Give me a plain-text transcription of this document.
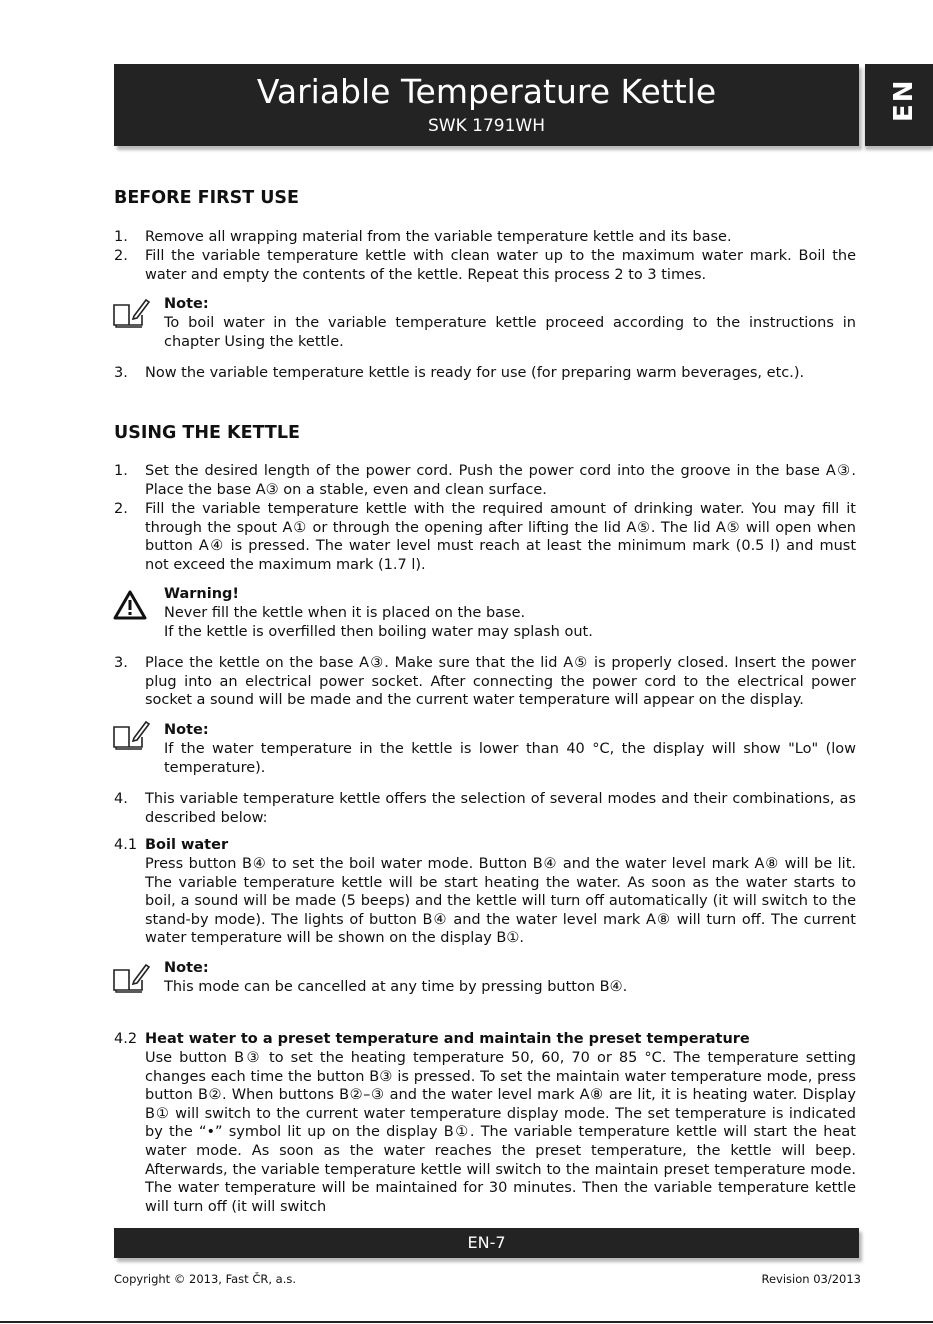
Variable Temperature Kettle
SWK 1791WH
EN
BEFORE FIRST USE
1. Remove all wrapping material from the variable temperature kettle and its base.
2. Fill the variable temperature kettle with clean water up to the maximum water mark. Boil the water and empty the contents of the kettle. Repeat this process 2 to 3 times.
Note:
To boil water in the variable temperature kettle proceed according to the instructions in chapter Using the kettle.
3. Now the variable temperature kettle is ready for use (for preparing warm beverages, etc.).
USING THE KETTLE
1. Set the desired length of the power cord. Push the power cord into the groove in the base A③. Place the base A③ on a stable, even and clean surface.
2. Fill the variable temperature kettle with the required amount of drinking water. You may fill it through the spout A① or through the opening after lifting the lid A⑤. The lid A⑤ will open when button A④ is pressed. The water level must reach at least the minimum mark (0.5 l) and must not exceed the maximum mark (1.7 l).
Warning!
Never fill the kettle when it is placed on the base.
If the kettle is overfilled then boiling water may splash out.
3. Place the kettle on the base A③. Make sure that the lid A⑤ is properly closed. Insert the power plug into an electrical power socket. After connecting the power cord to the electrical power socket a sound will be made and the current water temperature will appear on the display.
Note:
If the water temperature in the kettle is lower than 40 °C, the display will show "Lo" (low temperature).
4. This variable temperature kettle offers the selection of several modes and their combinations, as described below:
4.1 Boil water
Press button B④ to set the boil water mode. Button B④ and the water level mark A⑧ will be lit. The variable temperature kettle will be start heating the water. As soon as the water starts to boil, a sound will be made (5 beeps) and the kettle will turn off automatically (it will switch to the stand-by mode). The lights of button B④ and the water level mark A⑧ will turn off. The current water temperature will be shown on the display B①.
Note:
This mode can be cancelled at any time by pressing button B④.
4.2 Heat water to a preset temperature and maintain the preset temperature
Use button B③ to set the heating temperature 50, 60, 70 or 85 °C. The temperature setting changes each time the button B③ is pressed. To set the maintain water temperature mode, press button B②. When buttons B②–③ and the water level mark A⑧ are lit, it is heating water. Display B① will switch to the current water temperature display mode. The set temperature is indicated by the “•” symbol lit up on the display B①. The variable temperature kettle will start the heat water mode. As soon as the water reaches the preset temperature, the kettle will beep. Afterwards, the variable temperature kettle will switch to the maintain preset temperature mode. The water temperature will be maintained for 30 minutes. Then the variable temperature kettle will turn off (it will switch
EN-7
Copyright © 2013, Fast ČR, a.s.	Revision 03/2013
